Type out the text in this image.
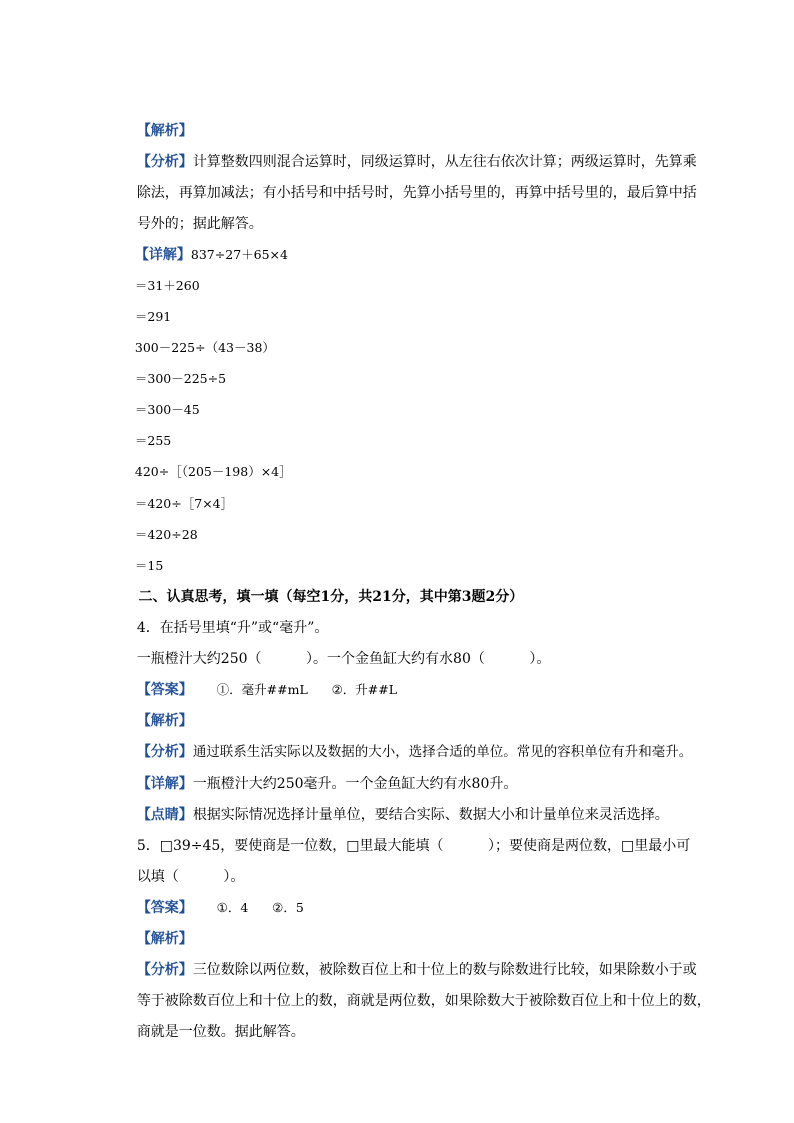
【解析】

【分析】计算整数四则混合运算时，同级运算时，从左往右依次计算；两级运算时，先算乘

除法，再算加减法；有小括号和中括号时，先算小括号里的，再算中括号里的，最后算中括

号外的；据此解答。

【详解】837÷27＋65×4

＝31＋260

＝291

300－225÷（43－38）

＝300－225÷5

＝300－45

＝255

420÷［（205－198）×4］

＝420÷［7×4］

＝420÷28

＝15

二、认真思考，填一填（每空1分，共21分，其中第3题2分）

4．在括号里填“升”或“毫升”。

一瓶橙汁大约250（          ）。一个金鱼缸大约有水80（          ）。

【答案】      ①．毫升##mL      ②．升##L

【解析】

【分析】通过联系生活实际以及数据的大小，选择合适的单位。常见的容积单位有升和毫升。

【详解】一瓶橙汁大约250毫升。一个金鱼缸大约有水80升。

【点睛】根据实际情况选择计量单位，要结合实际、数据大小和计量单位来灵活选择。

5．□39÷45，要使商是一位数，□里最大能填（          ）；要使商是两位数，□里最小可

以填（          ）。

【答案】      ①．4      ②．5

【解析】

【分析】三位数除以两位数，被除数百位上和十位上的数与除数进行比较，如果除数小于或

等于被除数百位上和十位上的数，商就是两位数，如果除数大于被除数百位上和十位上的数，

商就是一位数。据此解答。
